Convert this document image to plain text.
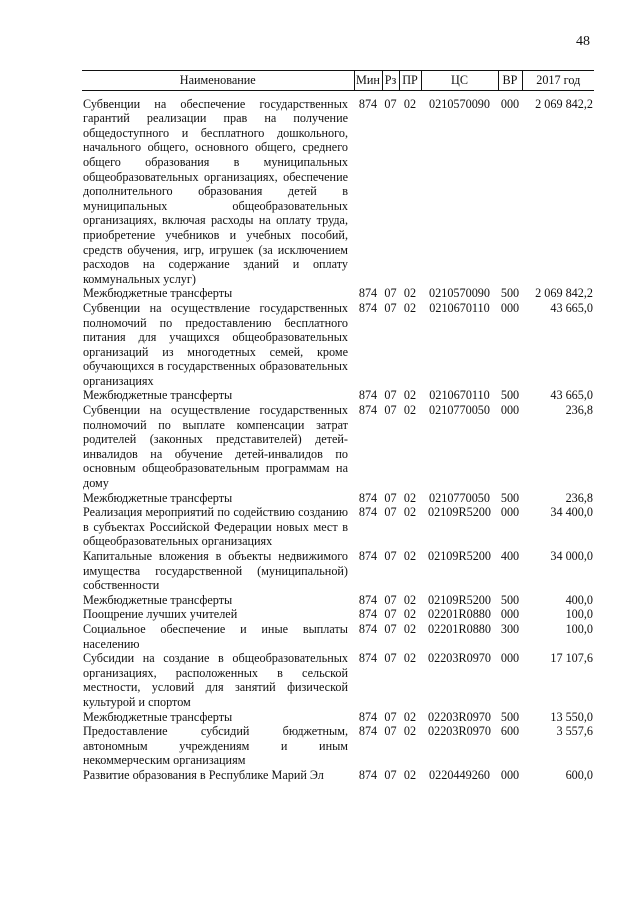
48
Наименование	Мин	Рз	ПР	ЦС	ВР	2017 год

Субвенции на обеспечение государственных гарантий реализации прав на получение общедоступного и бесплатного дошкольного, начального общего, основного общего, среднего общего образования в муниципальных общеобразовательных организациях, обеспечение дополнительного образования детей в муниципальных общеобразовательных организациях, включая расходы на оплату труда, приобретение учебников и учебных пособий, средств обучения, игр, игрушек (за исключением расходов на содержание зданий и оплату коммунальных услуг)	874	07	02	0210570090	000	2 069 842,2
Межбюджетные трансферты	874	07	02	0210570090	500	2 069 842,2
Субвенции на осуществление государственных полномочий по предоставлению бесплатного питания для учащихся общеобразовательных организаций из многодетных семей, кроме обучающихся в государственных образовательных организациях	874	07	02	0210670110	000	43 665,0
Межбюджетные трансферты	874	07	02	0210670110	500	43 665,0
Субвенции на осуществление государственных полномочий по выплате компенсации затрат родителей (законных представителей) детей-инвалидов на обучение детей-инвалидов по основным общеобразовательным программам на дому	874	07	02	0210770050	000	236,8
Межбюджетные трансферты	874	07	02	0210770050	500	236,8
Реализация мероприятий по содействию созданию в субъектах Российской Федерации новых мест в общеобразовательных организациях	874	07	02	02109R5200	000	34 400,0
Капитальные вложения в объекты недвижимого имущества государственной (муниципальной) собственности	874	07	02	02109R5200	400	34 000,0
Межбюджетные трансферты	874	07	02	02109R5200	500	400,0
Поощрение лучших учителей	874	07	02	02201R0880	000	100,0
Социальное обеспечение и иные выплаты населению	874	07	02	02201R0880	300	100,0
Субсидии на создание в общеобразовательных организациях, расположенных в сельской местности, условий для занятий физической культурой и спортом	874	07	02	02203R0970	000	17 107,6
Межбюджетные трансферты	874	07	02	02203R0970	500	13 550,0
Предоставление субсидий бюджетным, автономным учреждениям и иным некоммерческим организациям	874	07	02	02203R0970	600	3 557,6
Развитие образования в Республике Марий Эл	874	07	02	0220449260	000	600,0
